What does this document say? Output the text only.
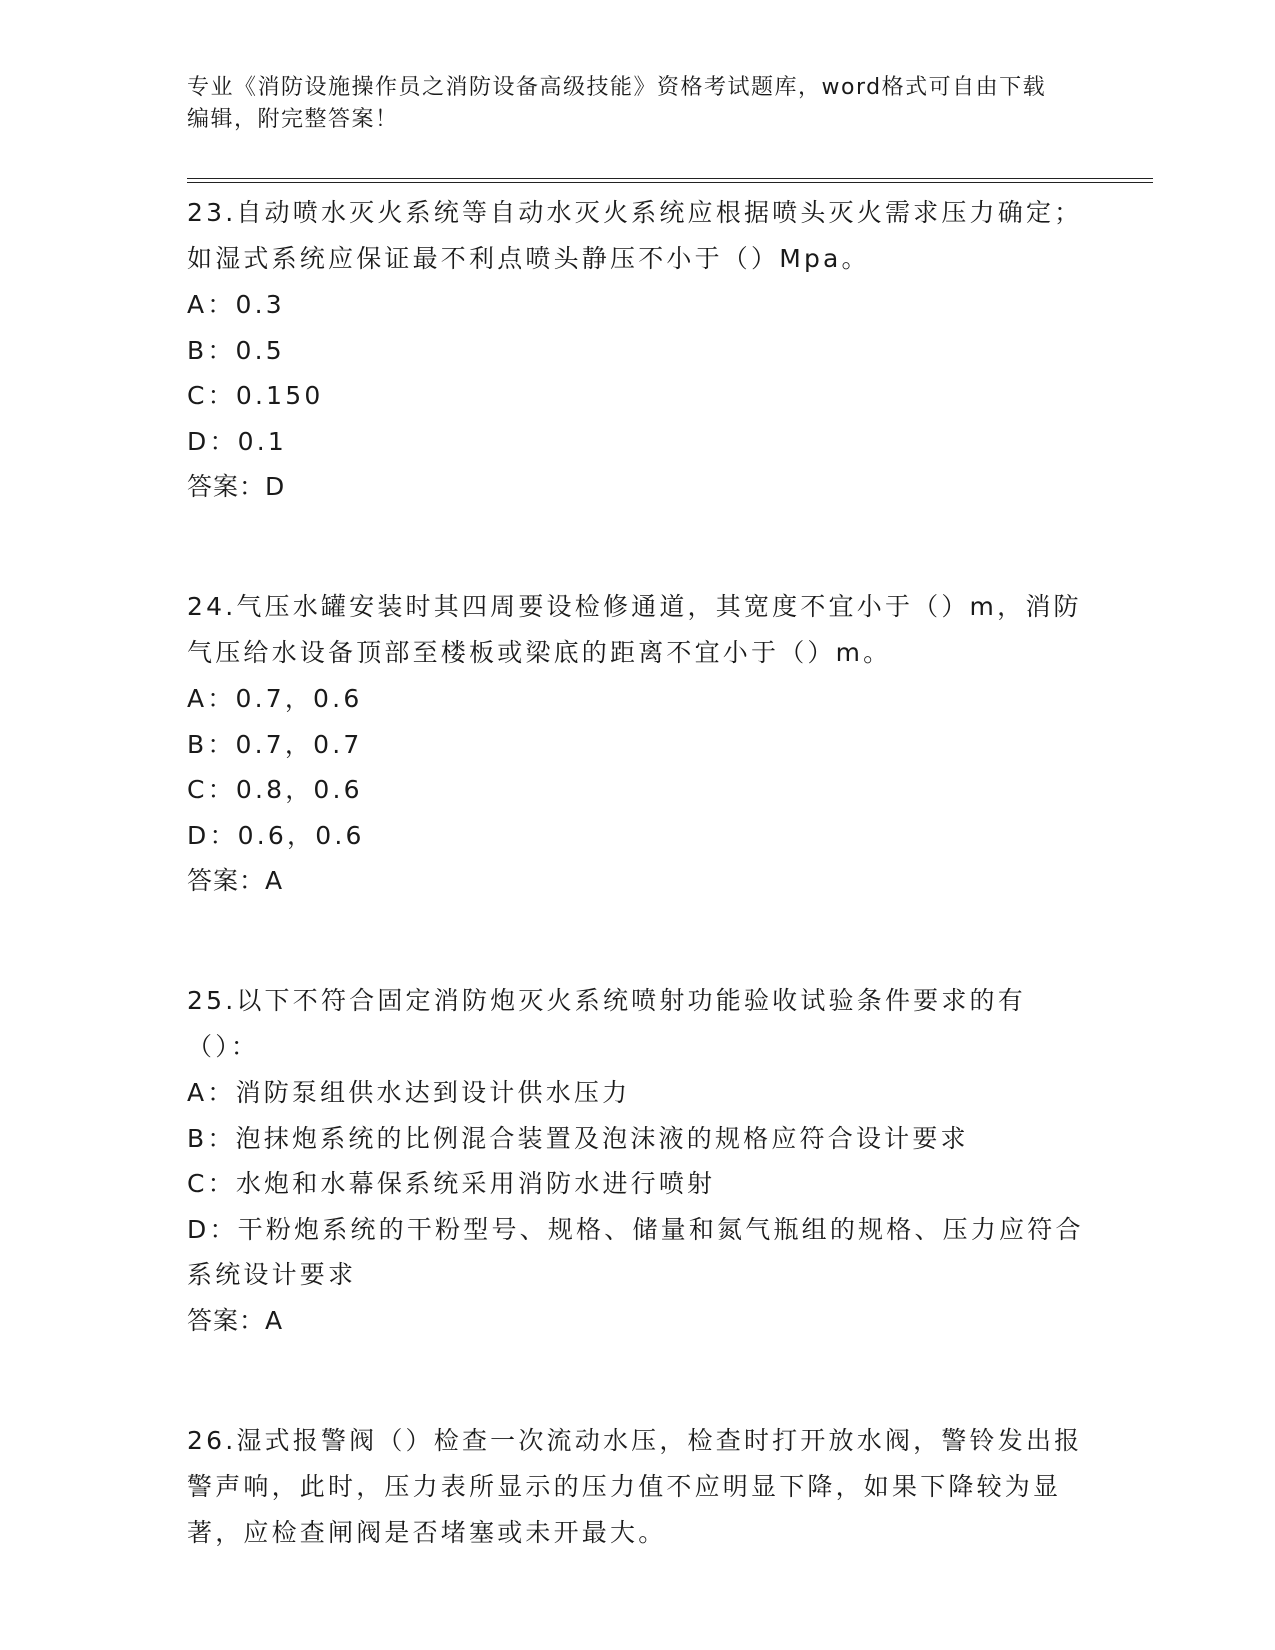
专业《消防设施操作员之消防设备高级技能》资格考试题库，word格式可自由下载编辑，附完整答案！

23.自动喷水灭火系统等自动水灭火系统应根据喷头灭火需求压力确定；如湿式系统应保证最不利点喷头静压不小于（）Mpa。

A：0.3

B：0.5

C：0.150

D：0.1

答案：D

24.气压水罐安装时其四周要设检修通道，其宽度不宜小于（）m，消防气压给水设备顶部至楼板或梁底的距离不宜小于（）m。

A：0.7，0.6

B：0.7，0.7

C：0.8，0.6

D：0.6，0.6

答案：A

25.以下不符合固定消防炮灭火系统喷射功能验收试验条件要求的有（）：

A：消防泵组供水达到设计供水压力

B：泡抹炮系统的比例混合装置及泡沫液的规格应符合设计要求

C：水炮和水幕保系统采用消防水进行喷射

D：干粉炮系统的干粉型号、规格、储量和氮气瓶组的规格、压力应符合系统设计要求

答案：A

26.湿式报警阀（）检查一次流动水压，检查时打开放水阀，警铃发出报警声响，此时，压力表所显示的压力值不应明显下降，如果下降较为显著，应检查闸阀是否堵塞或未开最大。
